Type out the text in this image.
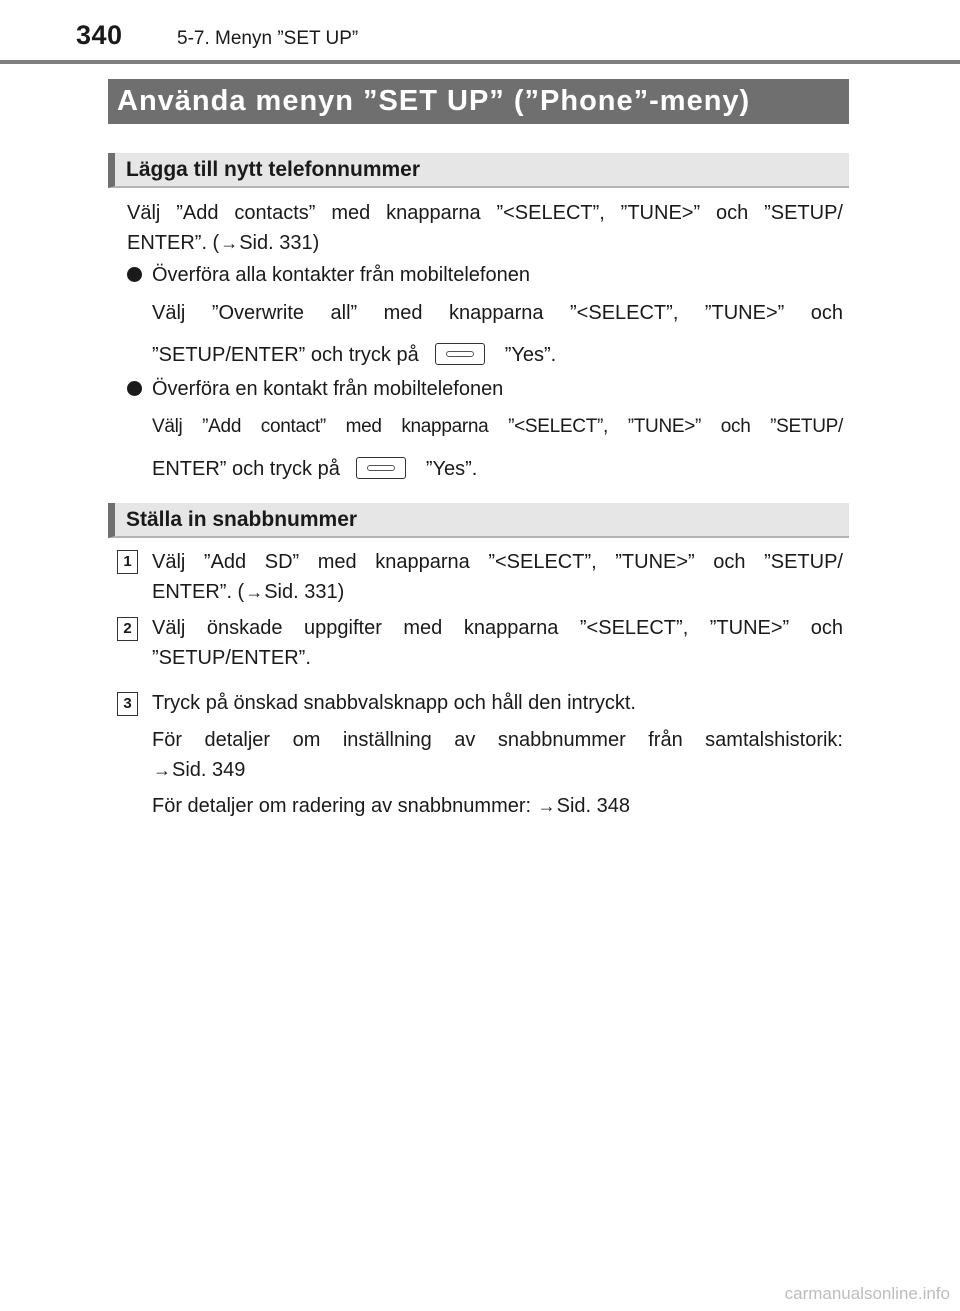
340	5-7. Menyn ”SET UP”
Använda menyn ”SET UP” (”Phone”-meny)
Lägga till nytt telefonnummer

Välj ”Add contacts” med knapparna ”<SELECT”, ”TUNE>” och ”SETUP/

ENTER”. (→Sid. 331)

Överföra alla kontakter från mobiltelefonen

Välj ”Overwrite all” med knapparna ”<SELECT”, ”TUNE>” och

”SETUP/ENTER” och tryck på	”Yes”.

Överföra en kontakt från mobiltelefonen

Välj ”Add contact” med knapparna ”<SELECT”, ”TUNE>” och ”SETUP/

ENTER” och tryck på	”Yes”.

Ställa in snabbnummer
1	Välj ”Add SD” med knapparna ”<SELECT”, ”TUNE>” och ”SETUP/

ENTER”. (→Sid. 331)

2	Välj önskade uppgifter med knapparna ”<SELECT”, ”TUNE>” och

”SETUP/ENTER”.

3	Tryck på önskad snabbvalsknapp och håll den intryckt.

För detaljer om inställning av snabbnummer från samtalshistorik:

→Sid. 349

För detaljer om radering av snabbnummer: →Sid. 348

carmanualsonline.info
